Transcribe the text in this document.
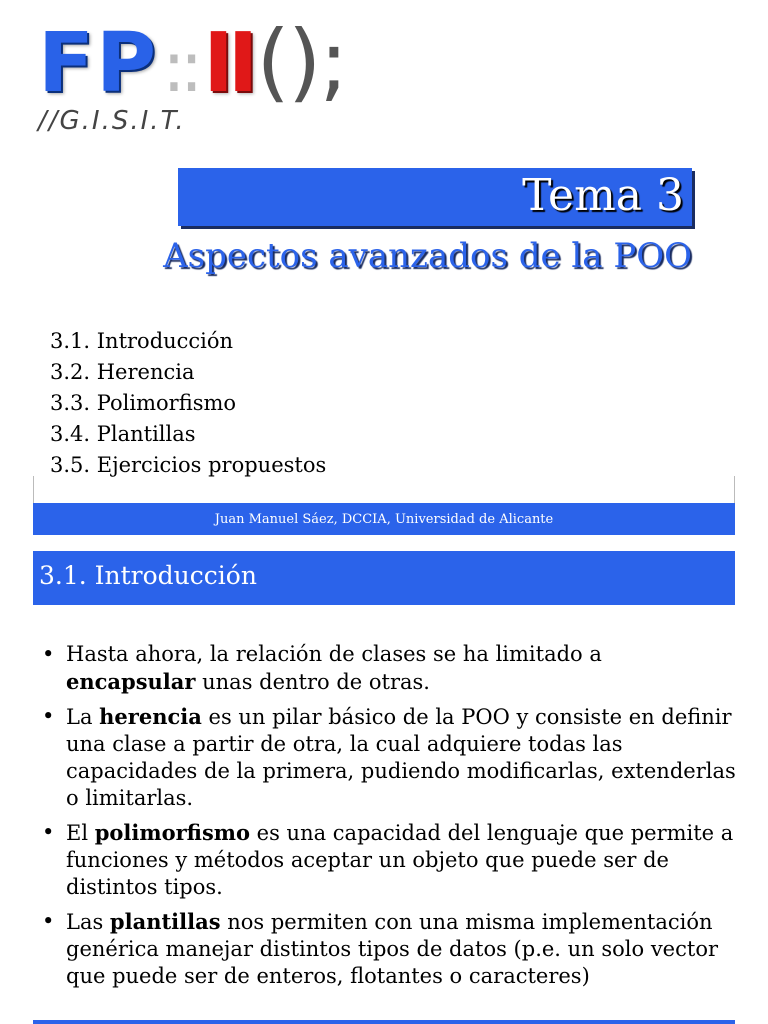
FP::II();
//G.I.S.I.T.
Tema 3
Aspectos avanzados de la POO
3.1. Introducción
3.2. Herencia
3.3. Polimorfismo
3.4. Plantillas
3.5. Ejercicios propuestos
Juan Manuel Sáez, DCCIA, Universidad de Alicante
3.1. Introducción
• Hasta ahora, la relación de clases se ha limitado a encapsular unas dentro de otras.
• La herencia es un pilar básico de la POO y consiste en definir una clase a partir de otra, la cual adquiere todas las capacidades de la primera, pudiendo modificarlas, extenderlas o limitarlas.
• El polimorfismo es una capacidad del lenguaje que permite a funciones y métodos aceptar un objeto que puede ser de distintos tipos.
• Las plantillas nos permiten con una misma implementación genérica manejar distintos tipos de datos (p.e. un solo vector que puede ser de enteros, flotantes o caracteres)
